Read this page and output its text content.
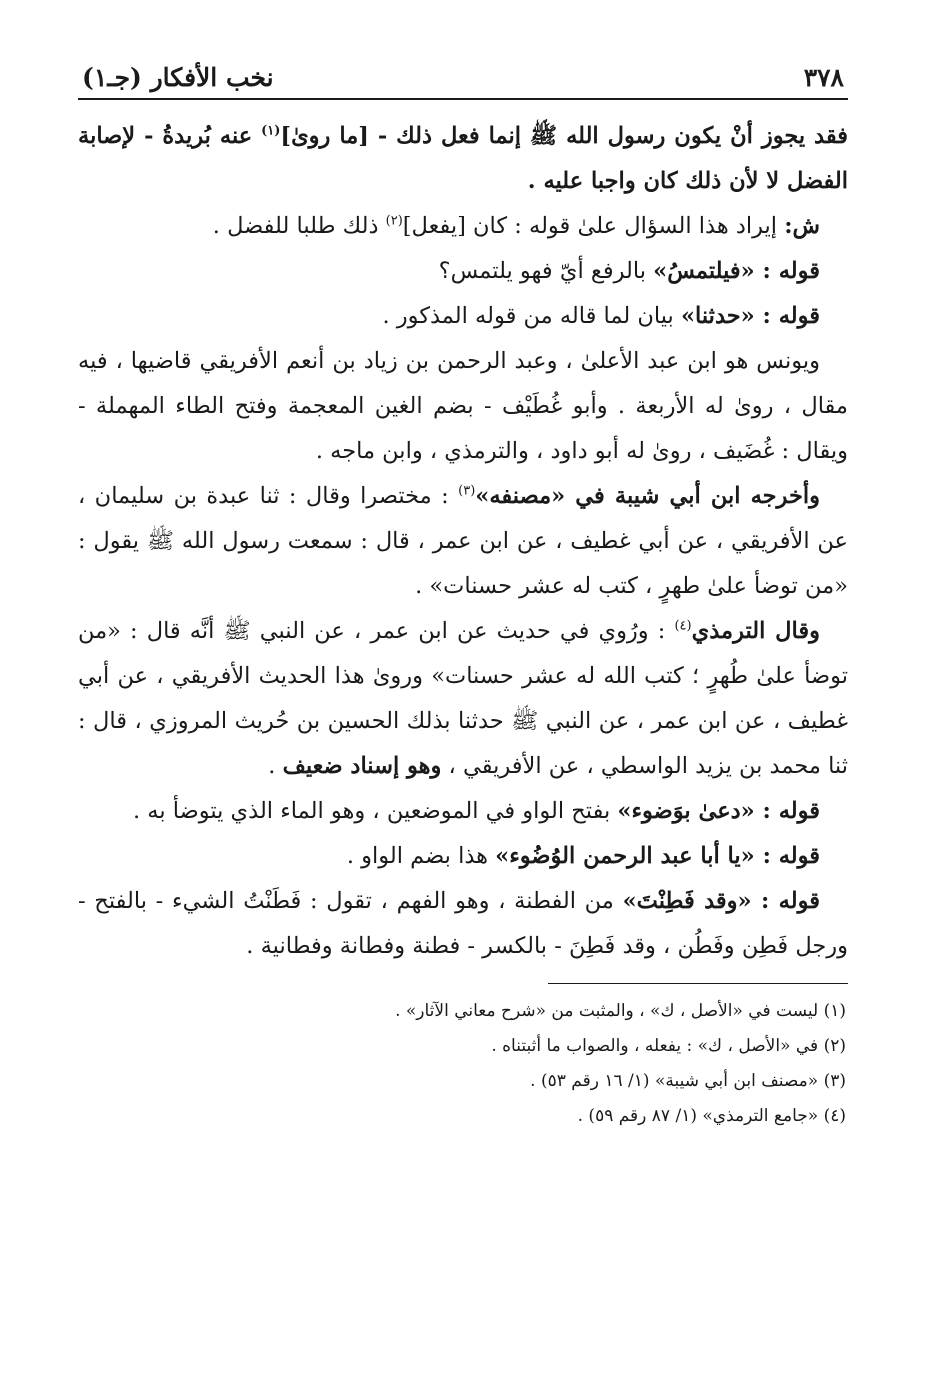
٣٧٨
نخب الأفكار (جـ١)

فقد يجوز أنْ يكون رسول الله ﷺ إنما فعل ذلك - [ما روىٰ]$^{(١)}$ عنه بُريدةُ - لإصابة الفضل لا لأن ذلك كان واجبا عليه .

ش: إيراد هذا السؤال علىٰ قوله : كان [يفعل]$^{(٢)}$ ذلك طلبا للفضل .

قوله : «فيلتمسُ» بالرفع أيّ فهو يلتمس؟

قوله : «حدثنا» بيان لما قاله من قوله المذكور .

ويونس هو ابن عبد الأعلىٰ ، وعبد الرحمن بن زياد بن أنعم الأفريقي قاضيها ، فيه مقال ، روىٰ له الأربعة . وأبو غُطَيْف - بضم الغين المعجمة وفتح الطاء المهملة - ويقال : غُضَيف ، روىٰ له أبو داود ، والترمذي ، وابن ماجه .

وأخرجه ابن أبي شيبة في «مصنفه»$^{(٣)}$ : مختصرا وقال : ثنا عبدة بن سليمان ، عن الأفريقي ، عن أبي غطيف ، عن ابن عمر ، قال : سمعت رسول الله ﷺ يقول : «من توضأ علىٰ طهرٍ ، كتب له عشر حسنات» .

وقال الترمذي$^{(٤)}$ : ورُوي في حديث عن ابن عمر ، عن النبي ﷺ أنَّه قال : «من توضأ علىٰ طُهرٍ ؛ كتب الله له عشر حسنات» وروىٰ هذا الحديث الأفريقي ، عن أبي غطيف ، عن ابن عمر ، عن النبي ﷺ حدثنا بذلك الحسين بن حُريث المروزي ، قال : ثنا محمد بن يزيد الواسطي ، عن الأفريقي ، وهو إسناد ضعيف .

قوله : «دعىٰ بوَضوء» بفتح الواو في الموضعين ، وهو الماء الذي يتوضأ به .

قوله : «يا أبا عبد الرحمن الوُضُوء» هذا بضم الواو .

قوله : «وقد فَطِنْتَ» من الفطنة ، وهو الفهم ، تقول : فَطَنْتُ الشيء - بالفتح - ورجل فَطِن وفَطُن ، وقد فَطِنَ - بالكسر - فطنة وفطانة وفطانية .

(١) ليست في «الأصل ، ك» ، والمثبت من «شرح معاني الآثار» .
(٢) في «الأصل ، ك» : يفعله ، والصواب ما أثبتناه .
(٣) «مصنف ابن أبي شيبة» (١/ ١٦ رقم ٥٣) .
(٤) «جامع الترمذي» (١/ ٨٧ رقم ٥٩) .
